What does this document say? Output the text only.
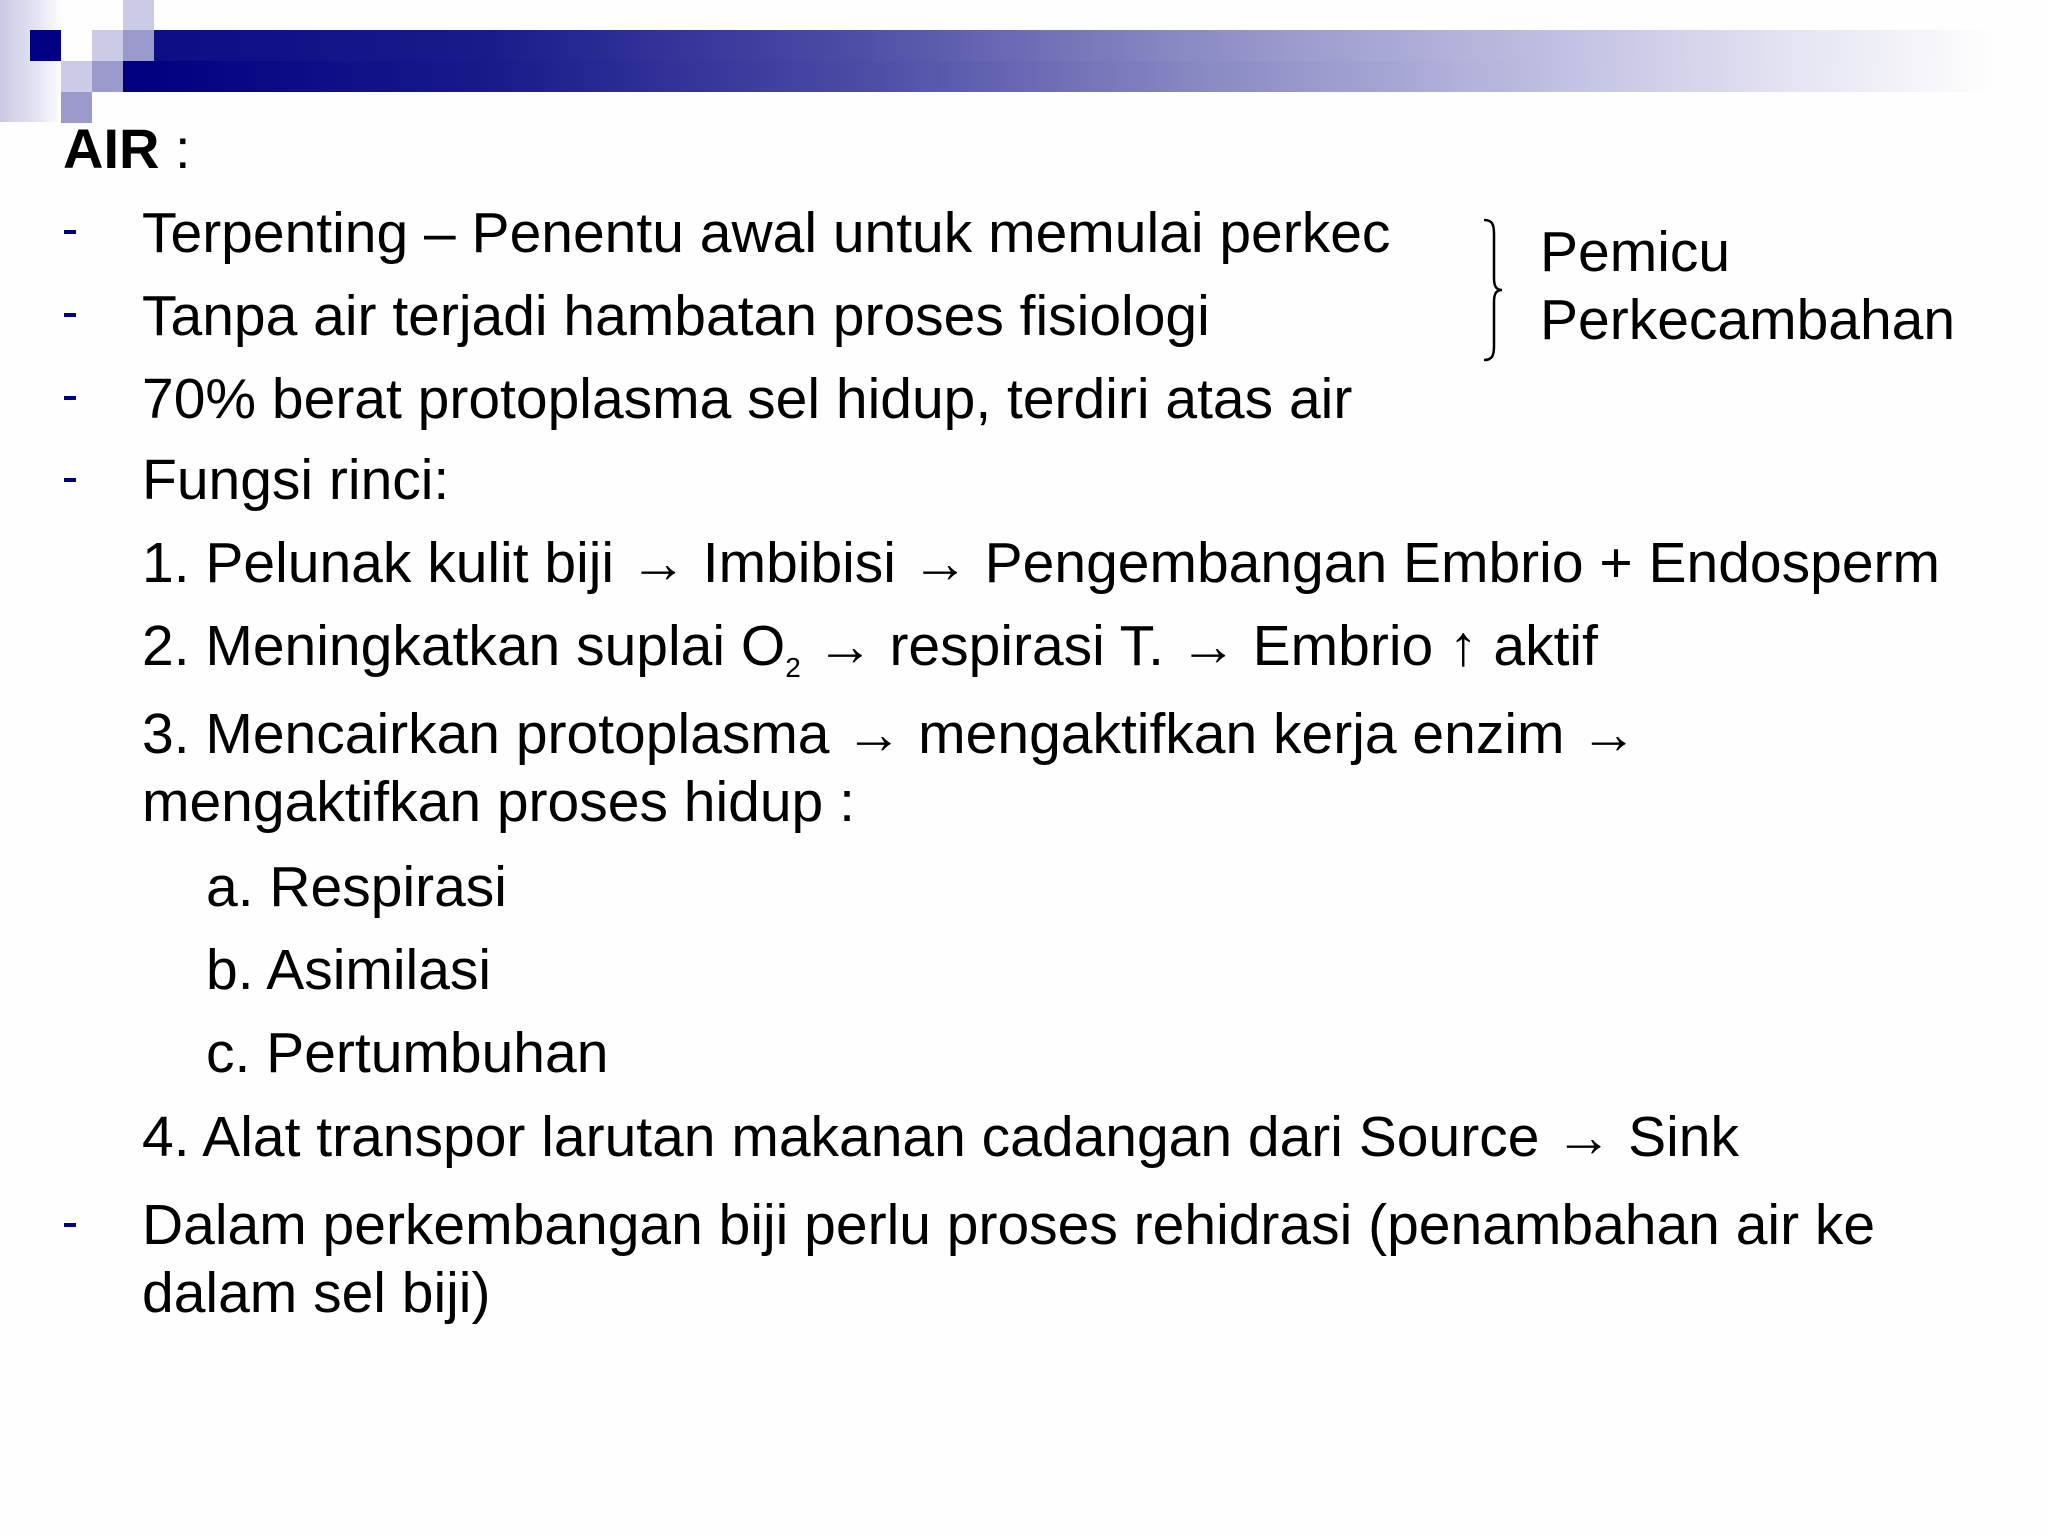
AIR :
Terpenting – Penentu awal untuk memulai perkec
Tanpa air terjadi hambatan proses fisiologi
70% berat protoplasma sel hidup, terdiri atas air
Fungsi rinci:
Pemicu
Perkecambahan
1. Pelunak kulit biji → Imbibisi → Pengembangan Embrio + Endosperm
2. Meningkatkan suplai $O_2$ → respirasi T. → Embrio ↑ aktif
3. Mencairkan protoplasma → mengaktifkan kerja enzim →
mengaktifkan proses hidup :
a. Respirasi
b. Asimilasi
c. Pertumbuhan
4. Alat transpor larutan makanan cadangan dari Source → Sink
Dalam perkembangan biji perlu proses rehidrasi (penambahan air ke
dalam sel biji)
